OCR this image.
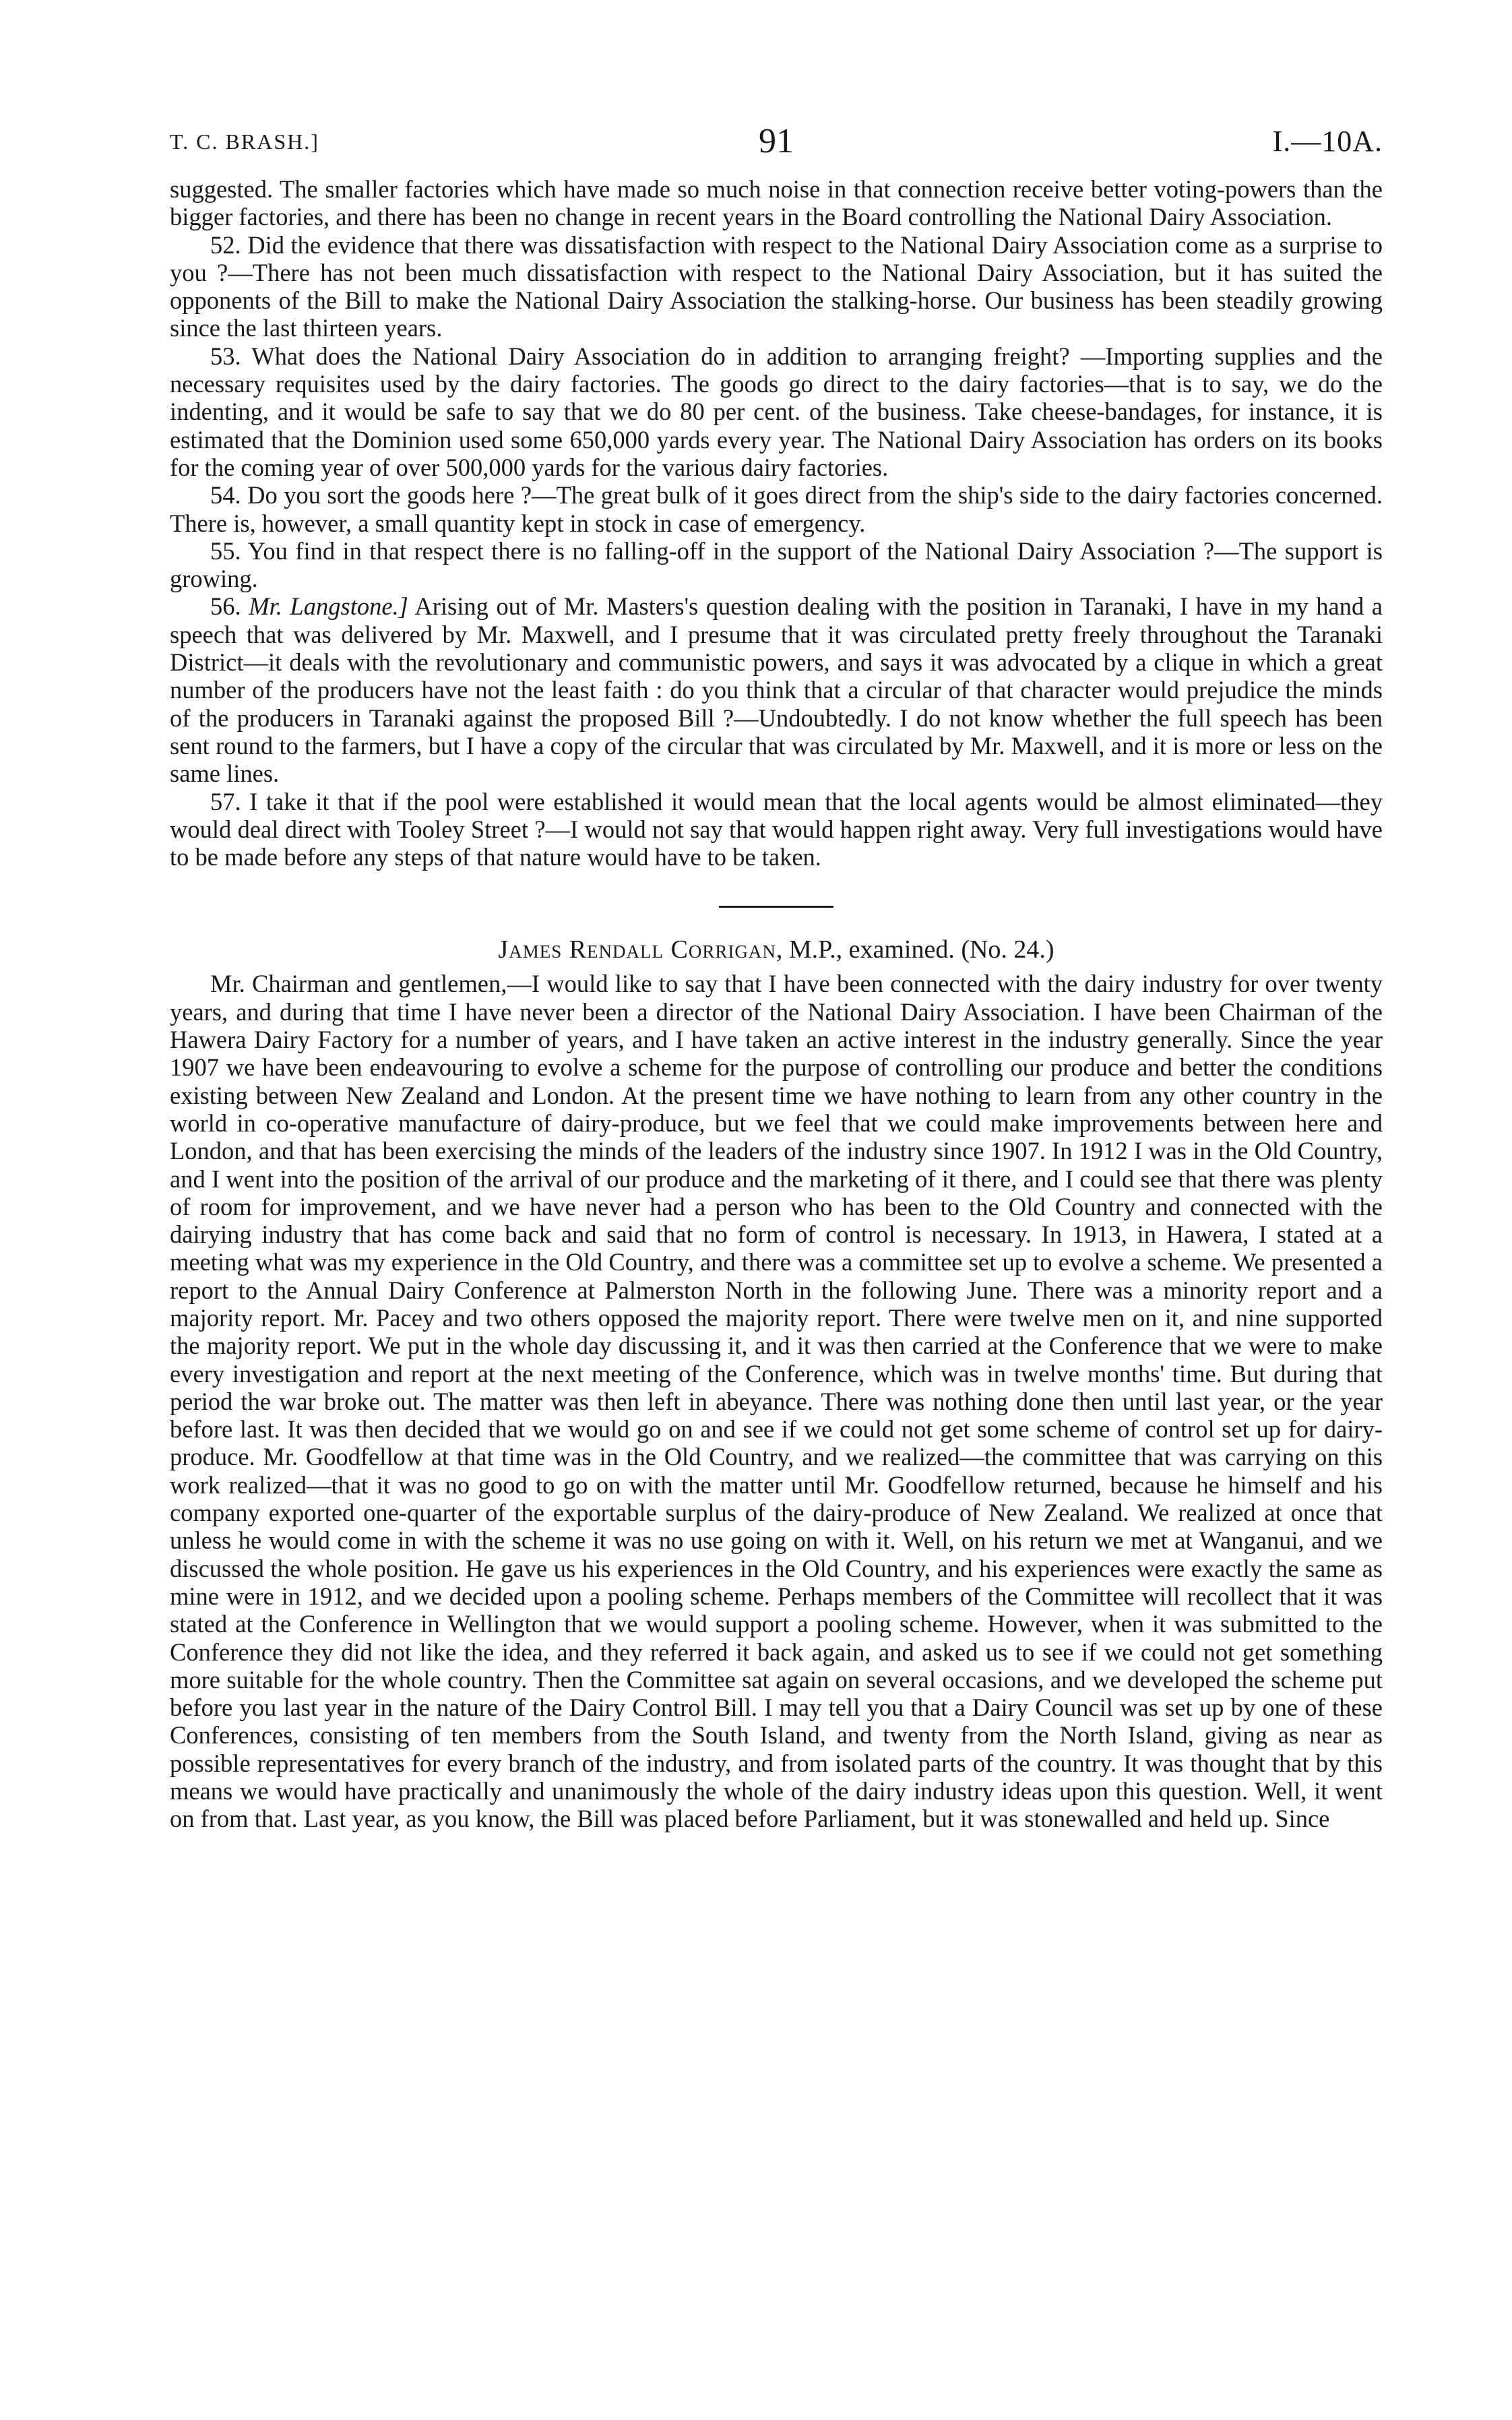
T. C. BRASH.]	91	I.—10A.

suggested. The smaller factories which have made so much noise in that connection receive better voting-powers than the bigger factories, and there has been no change in recent years in the Board controlling the National Dairy Association.

52. Did the evidence that there was dissatisfaction with respect to the National Dairy Association come as a surprise to you ?—There has not been much dissatisfaction with respect to the National Dairy Association, but it has suited the opponents of the Bill to make the National Dairy Association the stalking-horse. Our business has been steadily growing since the last thirteen years.

53. What does the National Dairy Association do in addition to arranging freight? —Importing supplies and the necessary requisites used by the dairy factories. The goods go direct to the dairy factories—that is to say, we do the indenting, and it would be safe to say that we do 80 per cent. of the business. Take cheese-bandages, for instance, it is estimated that the Dominion used some 650,000 yards every year. The National Dairy Association has orders on its books for the coming year of over 500,000 yards for the various dairy factories.

54. Do you sort the goods here ?—The great bulk of it goes direct from the ship's side to the dairy factories concerned. There is, however, a small quantity kept in stock in case of emergency.

55. You find in that respect there is no falling-off in the support of the National Dairy Association ?—The support is growing.

56. Mr. Langstone.] Arising out of Mr. Masters's question dealing with the position in Taranaki, I have in my hand a speech that was delivered by Mr. Maxwell, and I presume that it was circulated pretty freely throughout the Taranaki District—it deals with the revolutionary and communistic powers, and says it was advocated by a clique in which a great number of the producers have not the least faith : do you think that a circular of that character would prejudice the minds of the producers in Taranaki against the proposed Bill ?—Undoubtedly. I do not know whether the full speech has been sent round to the farmers, but I have a copy of the circular that was circulated by Mr. Maxwell, and it is more or less on the same lines.

57. I take it that if the pool were established it would mean that the local agents would be almost eliminated—they would deal direct with Tooley Street ?—I would not say that would happen right away. Very full investigations would have to be made before any steps of that nature would have to be taken.

James Rendall Corrigan, M.P., examined. (No. 24.)

Mr. Chairman and gentlemen,—I would like to say that I have been connected with the dairy industry for over twenty years, and during that time I have never been a director of the National Dairy Association. I have been Chairman of the Hawera Dairy Factory for a number of years, and I have taken an active interest in the industry generally. Since the year 1907 we have been endeavouring to evolve a scheme for the purpose of controlling our produce and better the conditions existing between New Zealand and London. At the present time we have nothing to learn from any other country in the world in co-operative manufacture of dairy-produce, but we feel that we could make improvements between here and London, and that has been exercising the minds of the leaders of the industry since 1907. In 1912 I was in the Old Country, and I went into the position of the arrival of our produce and the marketing of it there, and I could see that there was plenty of room for improvement, and we have never had a person who has been to the Old Country and connected with the dairying industry that has come back and said that no form of control is necessary. In 1913, in Hawera, I stated at a meeting what was my experience in the Old Country, and there was a committee set up to evolve a scheme. We presented a report to the Annual Dairy Conference at Palmerston North in the following June. There was a minority report and a majority report. Mr. Pacey and two others opposed the majority report. There were twelve men on it, and nine supported the majority report. We put in the whole day discussing it, and it was then carried at the Conference that we were to make every investigation and report at the next meeting of the Conference, which was in twelve months' time. But during that period the war broke out. The matter was then left in abeyance. There was nothing done then until last year, or the year before last. It was then decided that we would go on and see if we could not get some scheme of control set up for dairy-produce. Mr. Goodfellow at that time was in the Old Country, and we realized—the committee that was carrying on this work realized—that it was no good to go on with the matter until Mr. Goodfellow returned, because he himself and his company exported one-quarter of the exportable surplus of the dairy-produce of New Zealand. We realized at once that unless he would come in with the scheme it was no use going on with it. Well, on his return we met at Wanganui, and we discussed the whole position. He gave us his experiences in the Old Country, and his experiences were exactly the same as mine were in 1912, and we decided upon a pooling scheme. Perhaps members of the Committee will recollect that it was stated at the Conference in Wellington that we would support a pooling scheme. However, when it was submitted to the Conference they did not like the idea, and they referred it back again, and asked us to see if we could not get something more suitable for the whole country. Then the Committee sat again on several occasions, and we developed the scheme put before you last year in the nature of the Dairy Control Bill. I may tell you that a Dairy Council was set up by one of these Conferences, consisting of ten members from the South Island, and twenty from the North Island, giving as near as possible representatives for every branch of the industry, and from isolated parts of the country. It was thought that by this means we would have practically and unanimously the whole of the dairy industry ideas upon this question. Well, it went on from that. Last year, as you know, the Bill was placed before Parliament, but it was stonewalled and held up. Since
